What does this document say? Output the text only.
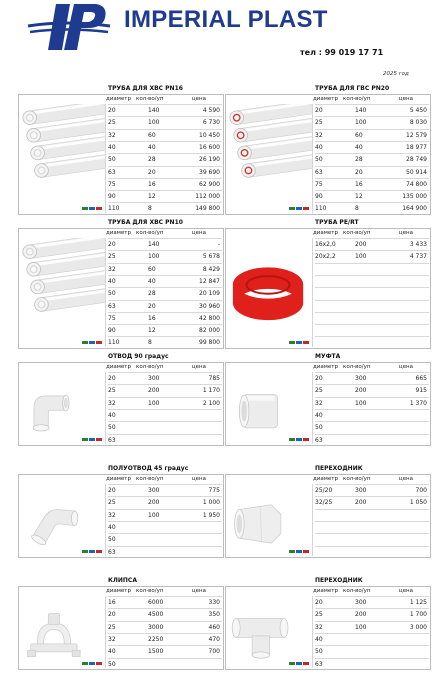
IMPERIAL PLAST
тел : 99 019 17 71
2025 год
ТРУБА ДЛЯ ХВС PN16
диаметр кол-во/уп	цена
20	140	4 590
25	100	6 730
32	60	10 450
40	40	16 600
50	28	26 190
63	20	39 690
75	16	62 900
90	12	112 000
110	8	149 800
ТРУБА ДЛЯ ГВС PN20
диаметр кол-во/уп	цена
20	140	5 450
25	100	8 030
32	60	12 579
40	40	18 977
50	28	28 749
63	20	50 914
75	16	74 800
90	12	135 000
110	8	164 900
ТРУБА ДЛЯ ХВС PN10
диаметр кол-во/уп	цена
20	140	-
25	100	5 678
32	60	8 429
40	40	12 847
50	28	20 109
63	20	30 960
75	16	42 800
90	12	82 000
110	8	99 800
ТРУБА PE/RT
диаметр кол-во/уп	цена
16x2,0	200	3 433
20x2,2	100	4 737
ОТВОД 90 градус
диаметр кол-во/уп	цена
20	300	785
25	200	1 170
32	100	2 100
40
50
63
МУФТА
диаметр кол-во/уп	цена
20	300	665
25	200	915
32	100	1 370
40
50
63
ПОЛУОТВОД 45 градус
диаметр кол-во/уп	цена
20	300	775
25	200	1 000
32	100	1 950
40
50
63
ПЕРЕХОДНИК
диаметр кол-во/уп	цена
25/20	300	700
32/25	200	1 050
КЛИПСА
диаметр кол-во/уп	цена
16	6000	330
20	4500	350
25	3000	460
32	2250	470
40	1500	700
50
ПЕРЕХОДНИК
диаметр кол-во/уп	цена
20	300	1 125
25	200	1 700
32	100	3 000
40
50
63
